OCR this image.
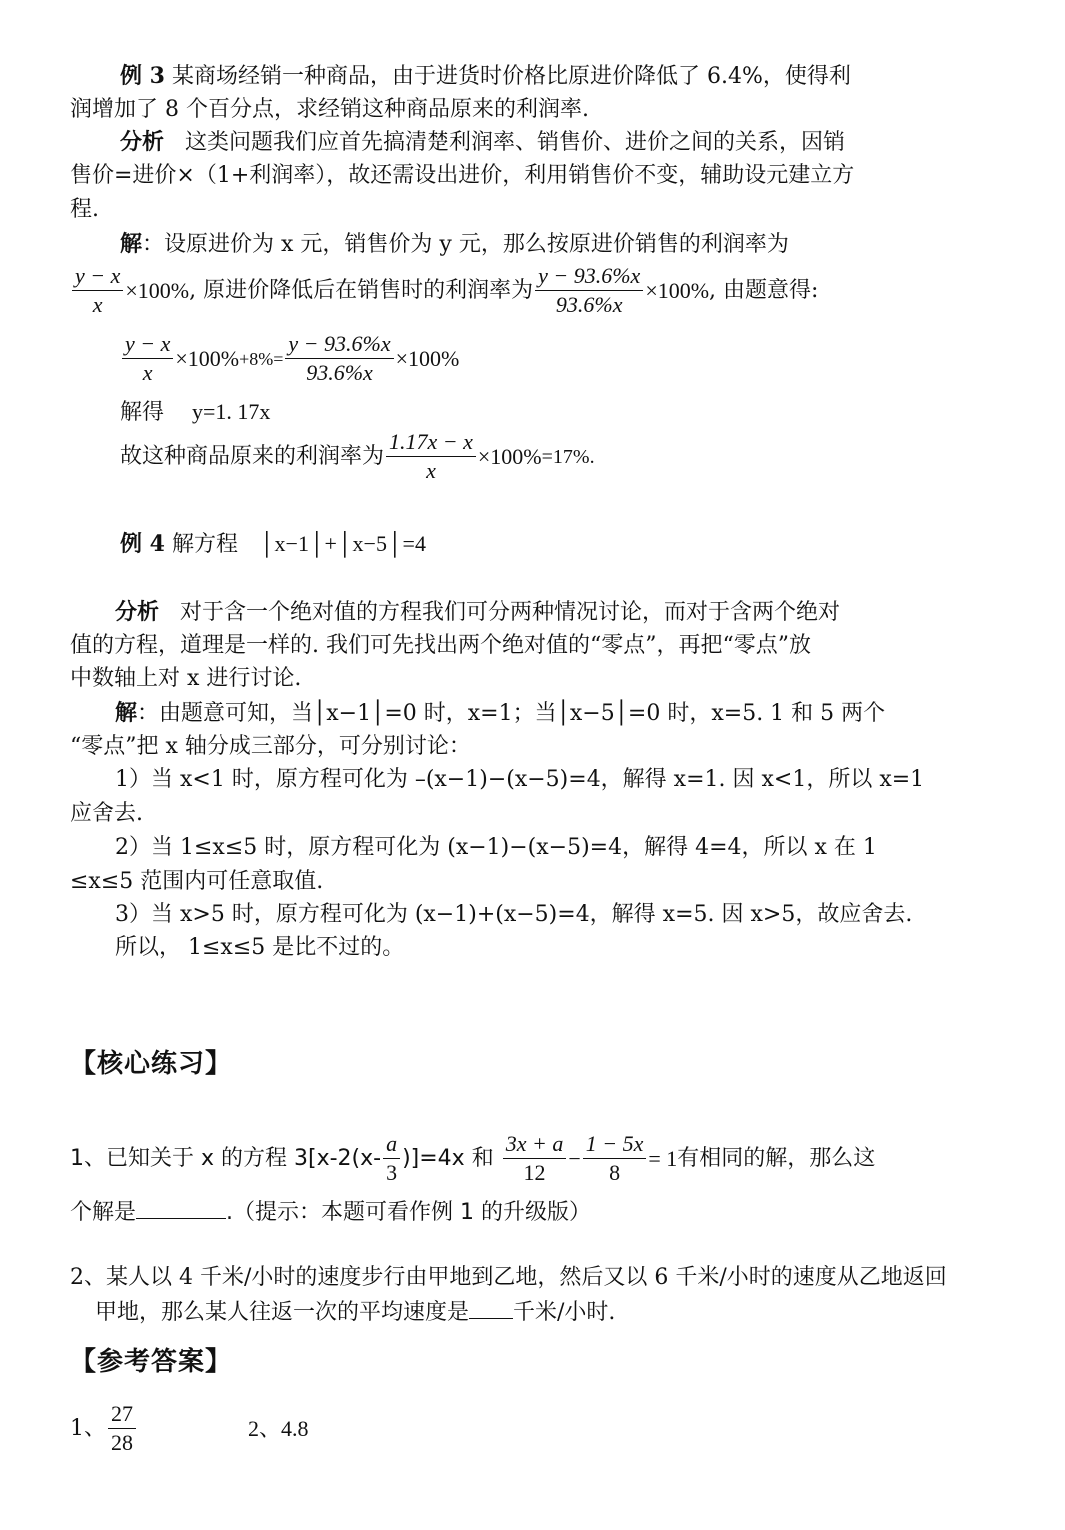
例 3 某商场经销一种商品，由于进货时价格比原进价降低了 6.4%，使得利
润增加了 8 个百分点，求经销这种商品原来的利润率.
分析 这类问题我们应首先搞清楚利润率、销售价、进价之间的关系，因销
售价=进价×（1+利润率），故还需设出进价，利用销售价不变，辅助设元建立方
程.
解：设原进价为 x 元，销售价为 y 元，那么按原进价销售的利润率为
$\frac{y - x}{x} \times 100\%$ , 原进价降低后在销售时的利润率为 $\frac{y - 93.6\%x}{93.6\%x} \times 100\%$ , 由题意得:
$\frac{y - x}{x} \times 100\% +8\%= \frac{y - 93.6\%x}{93.6\%x} \times 100\%$
解得 y=1. 17x
故这种商品原来的利润率为 $\frac{1.17x - x}{x} \times 100\% =17\%$.
例 4 解方程 │x−1│+│x−5│=4
分析 对于含一个绝对值的方程我们可分两种情况讨论，而对于含两个绝对
值的方程，道理是一样的. 我们可先找出两个绝对值的“零点”，再把“零点”放
中数轴上对 x 进行讨论.
解：由题意可知，当│x−1│=0 时，x=1；当│x−5│=0 时，x=5. 1 和 5 两个
“零点”把 x 轴分成三部分，可分别讨论：
1）当 x<1 时，原方程可化为 –(x−1)−(x−5)=4，解得 x=1. 因 x<1，所以 x=1
应舍去.
2）当 1≤x≤5 时，原方程可化为 (x−1)−(x−5)=4，解得 4=4，所以 x 在 1
≤x≤5 范围内可任意取值.
3）当 x>5 时，原方程可化为 (x−1)+(x−5)=4，解得 x=5. 因 x>5，故应舍去.
所以， 1≤x≤5 是比不过的。
【核心练习】
1、已知关于 x 的方程 $3[x-2(x- \frac{a}{3} )]=4x$ 和
$\frac{3x + a}{12} - \frac{1 - 5x}{8} = 1$ 有相同的解，那么这
个解是	.（提示：本题可看作例 1 的升级版）
2、某人以 4 千米/小时的速度步行由甲地到乙地，然后又以 6 千米/小时的速度从乙地返回
甲地，那么某人往返一次的平均速度是 千米/小时.
【参考答案】
1、 $\frac{27}{28}$	2、4.8
